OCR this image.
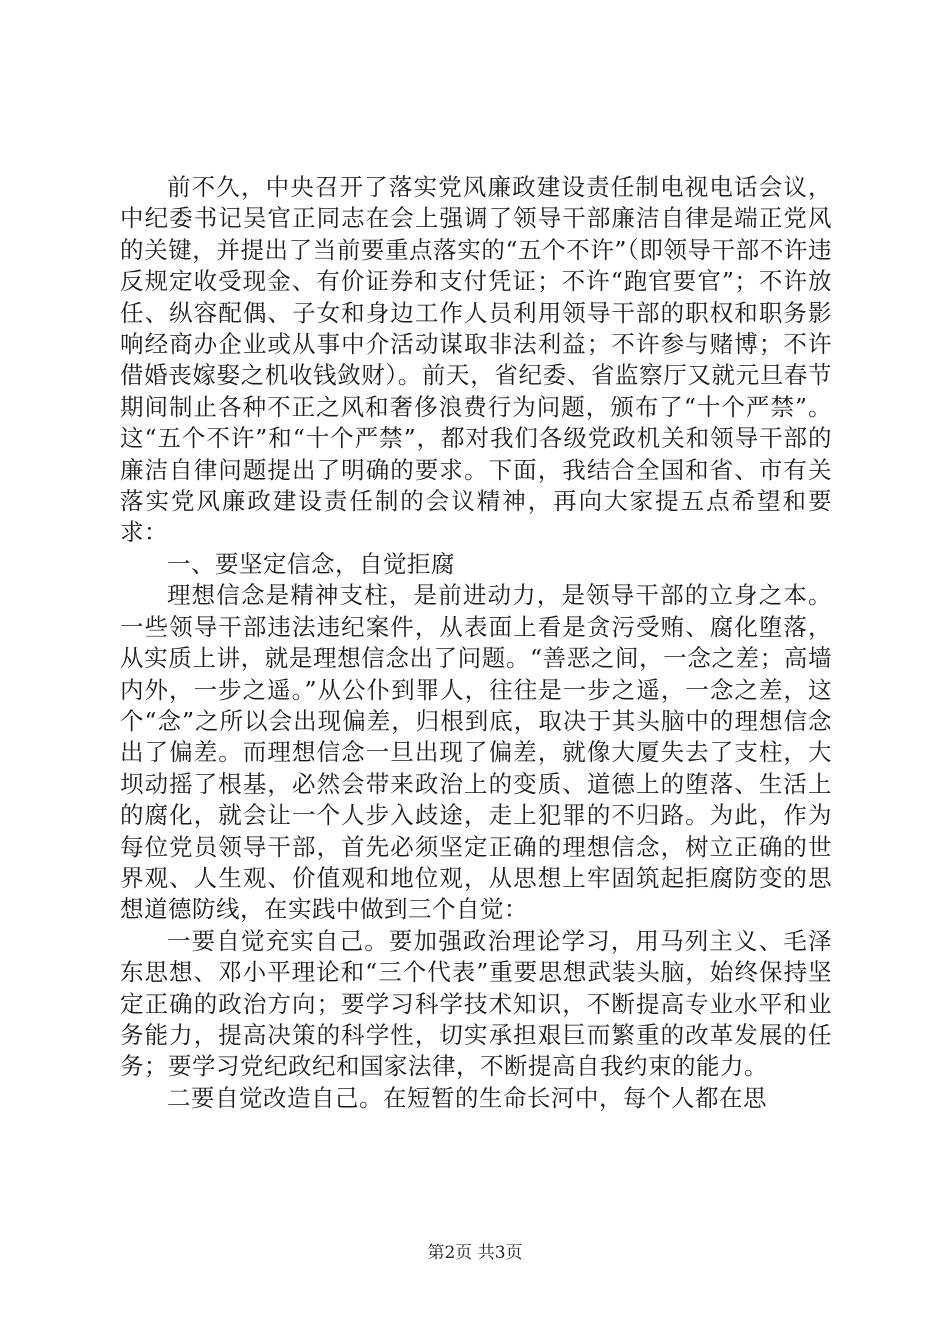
前不久，中央召开了落实党风廉政建设责任制电视电话会议，中纪委书记吴官正同志在会上强调了领导干部廉洁自律是端正党风的关键，并提出了当前要重点落实的“五个不许”（即领导干部不许违反规定收受现金、有价证券和支付凭证；不许“跑官要官”；不许放任、纵容配偶、子女和身边工作人员利用领导干部的职权和职务影响经商办企业或从事中介活动谋取非法利益；不许参与赌博；不许借婚丧嫁娶之机收钱敛财）。前天，省纪委、省监察厅又就元旦春节期间制止各种不正之风和奢侈浪费行为问题，颁布了“十个严禁”。这“五个不许”和“十个严禁”，都对我们各级党政机关和领导干部的廉洁自律问题提出了明确的要求。下面，我结合全国和省、市有关落实党风廉政建设责任制的会议精神，再向大家提五点希望和要求：

一、要坚定信念，自觉拒腐

理想信念是精神支柱，是前进动力，是领导干部的立身之本。一些领导干部违法违纪案件，从表面上看是贪污受贿、腐化堕落，从实质上讲，就是理想信念出了问题。“善恶之间，一念之差；高墙内外，一步之遥。”从公仆到罪人，往往是一步之遥，一念之差，这个“念”之所以会出现偏差，归根到底，取决于其头脑中的理想信念出了偏差。而理想信念一旦出现了偏差，就像大厦失去了支柱，大坝动摇了根基，必然会带来政治上的变质、道德上的堕落、生活上的腐化，就会让一个人步入歧途，走上犯罪的不归路。为此，作为每位党员领导干部，首先必须坚定正确的理想信念，树立正确的世界观、人生观、价值观和地位观，从思想上牢固筑起拒腐防变的思想道德防线，在实践中做到三个自觉：

一要自觉充实自己。要加强政治理论学习，用马列主义、毛泽东思想、邓小平理论和“三个代表”重要思想武装头脑，始终保持坚定正确的政治方向；要学习科学技术知识，不断提高专业水平和业务能力，提高决策的科学性，切实承担艰巨而繁重的改革发展的任务；要学习党纪政纪和国家法律，不断提高自我约束的能力。

二要自觉改造自己。在短暂的生命长河中，每个人都在思

第2页 共3页
